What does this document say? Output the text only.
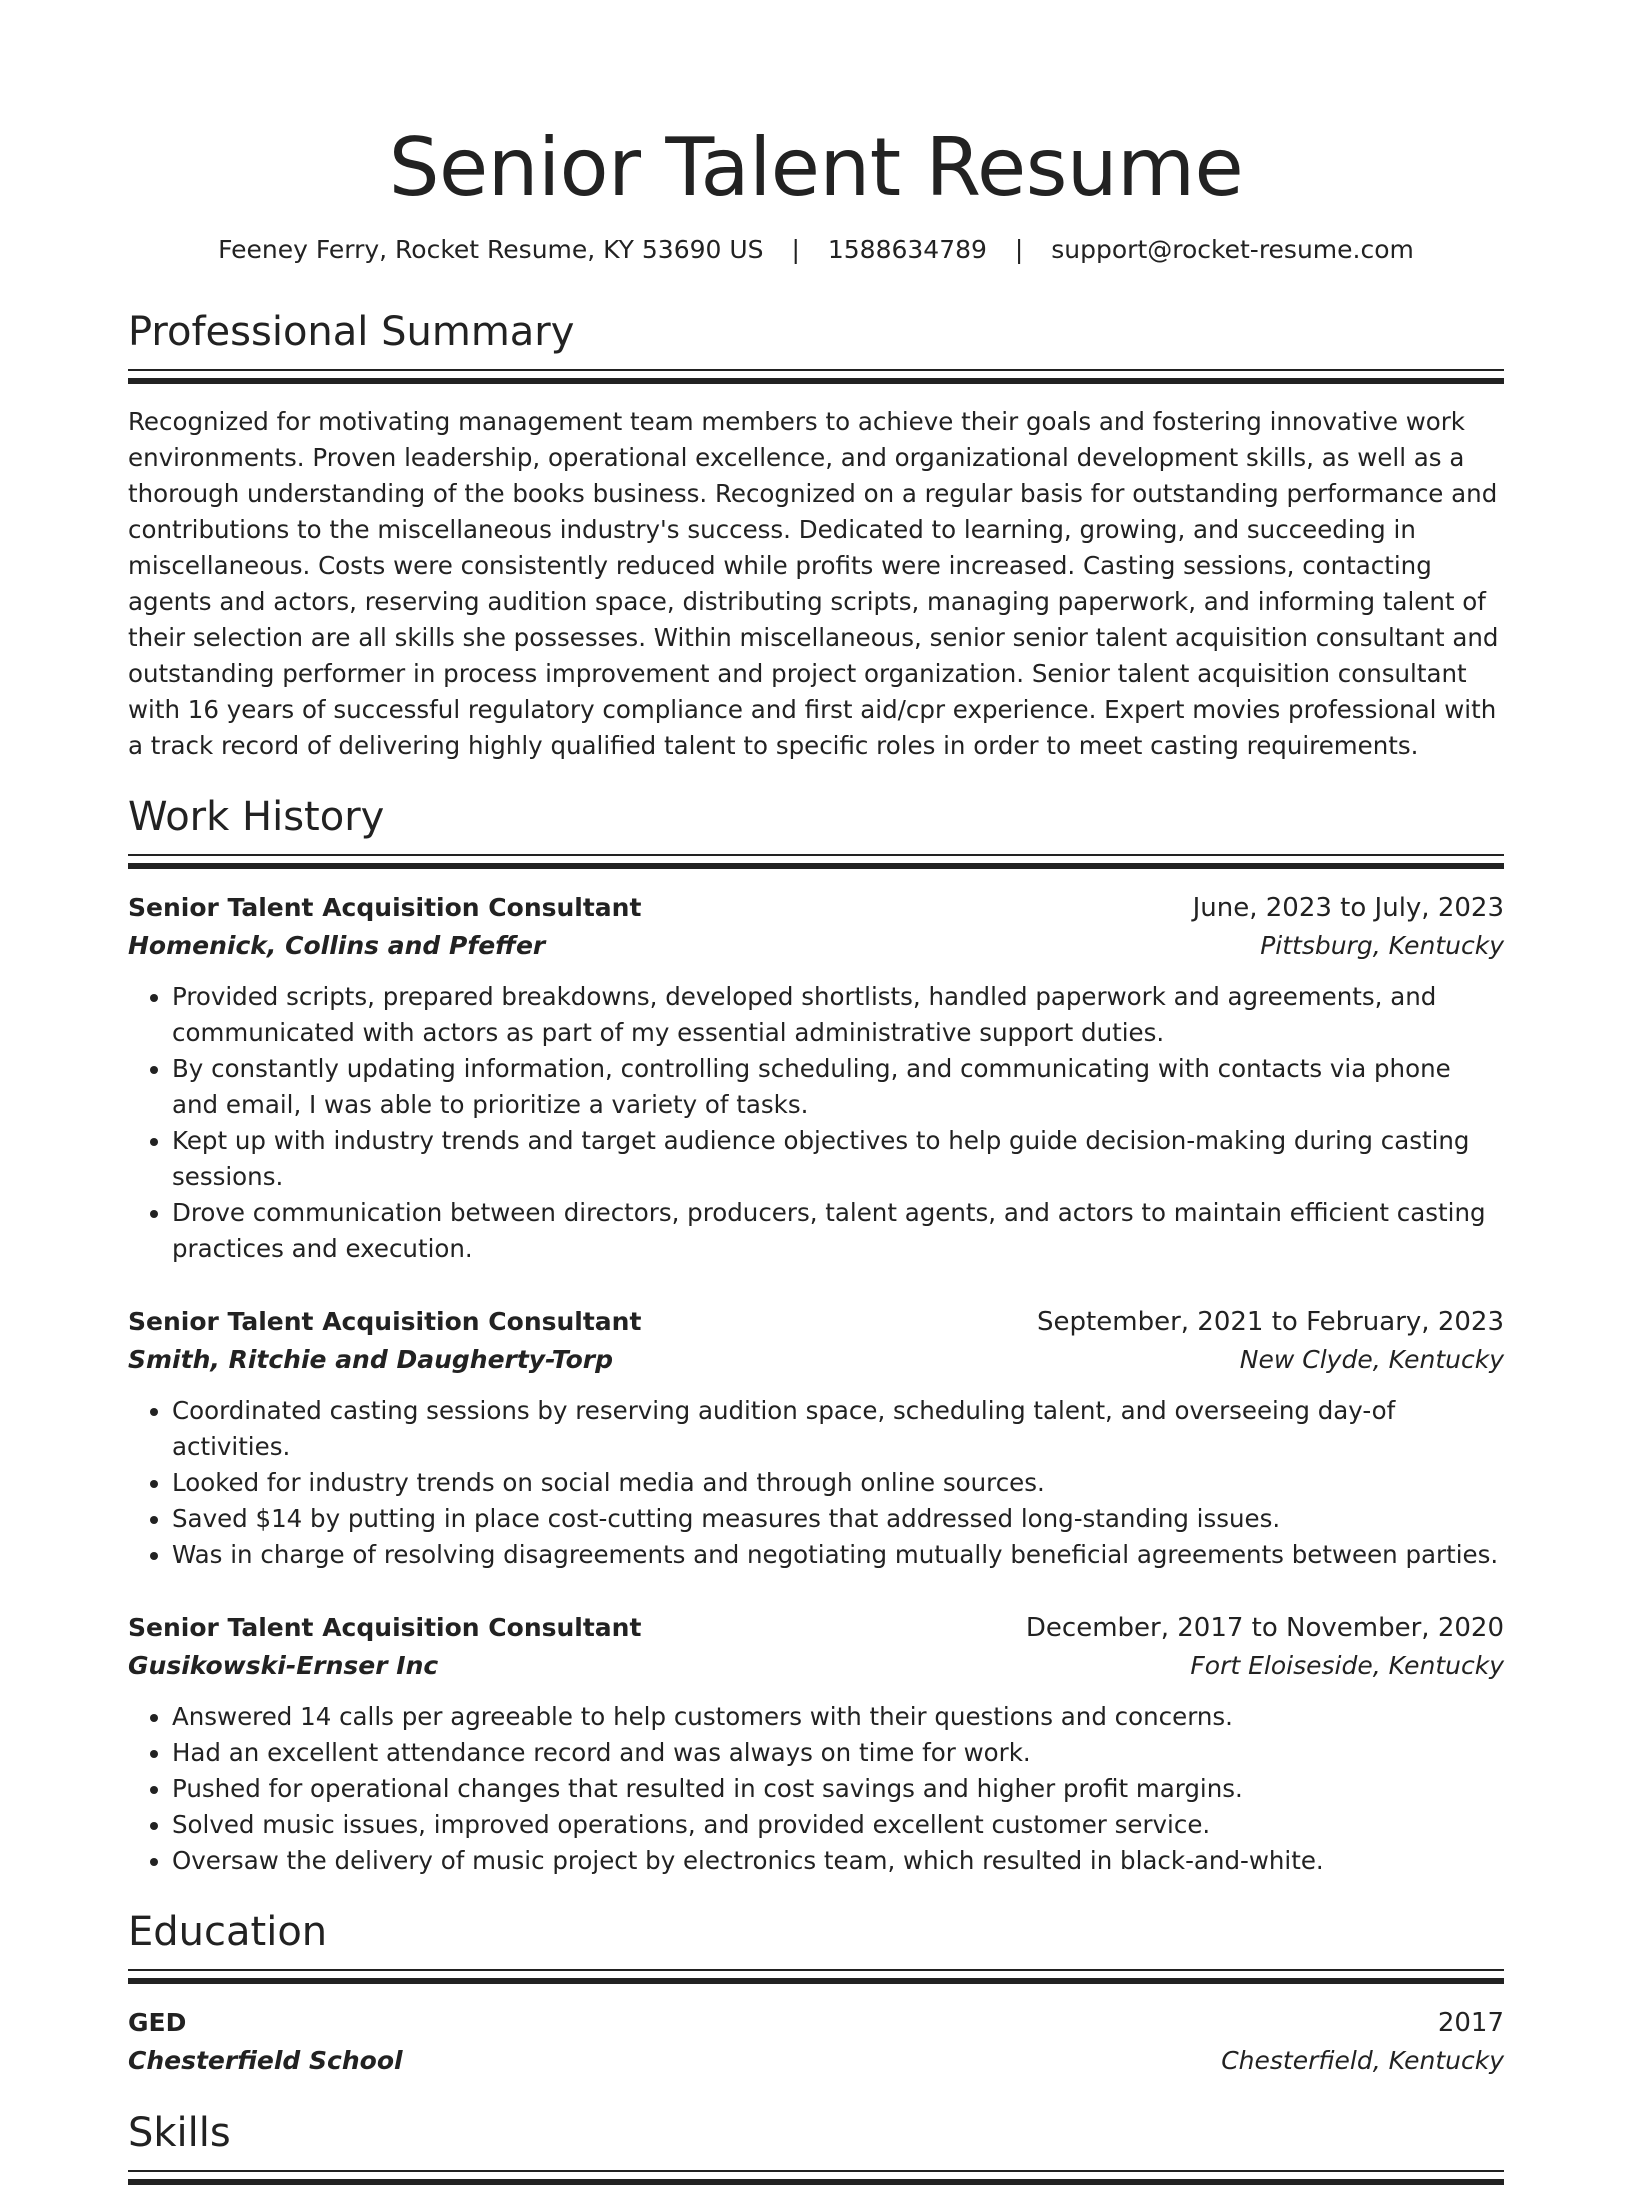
Senior Talent Resume
Feeney Ferry, Rocket Resume, KY 53690 US | 1588634789 | support@rocket-resume.com
Professional Summary

Recognized for motivating management team members to achieve their goals and fostering innovative work environments. Proven leadership, operational excellence, and organizational development skills, as well as a thorough understanding of the books business. Recognized on a regular basis for outstanding performance and contributions to the miscellaneous industry's success. Dedicated to learning, growing, and succeeding in miscellaneous. Costs were consistently reduced while profits were increased. Casting sessions, contacting agents and actors, reserving audition space, distributing scripts, managing paperwork, and informing talent of their selection are all skills she possesses. Within miscellaneous, senior senior talent acquisition consultant and outstanding performer in process improvement and project organization. Senior talent acquisition consultant with 16 years of successful regulatory compliance and first aid/cpr experience. Expert movies professional with a track record of delivering highly qualified talent to specific roles in order to meet casting requirements.

Work History
Senior Talent Acquisition Consultant	June, 2023 to July, 2023
Homenick, Collins and Pfeffer	Pittsburg, Kentucky
• Provided scripts, prepared breakdowns, developed shortlists, handled paperwork and agreements, and communicated with actors as part of my essential administrative support duties.
• By constantly updating information, controlling scheduling, and communicating with contacts via phone and email, I was able to prioritize a variety of tasks.
• Kept up with industry trends and target audience objectives to help guide decision-making during casting sessions.
• Drove communication between directors, producers, talent agents, and actors to maintain efficient casting practices and execution.
Senior Talent Acquisition Consultant	September, 2021 to February, 2023
Smith, Ritchie and Daugherty-Torp	New Clyde, Kentucky
• Coordinated casting sessions by reserving audition space, scheduling talent, and overseeing day-of activities.
• Looked for industry trends on social media and through online sources.
• Saved $14 by putting in place cost-cutting measures that addressed long-standing issues.
• Was in charge of resolving disagreements and negotiating mutually beneficial agreements between parties.
Senior Talent Acquisition Consultant	December, 2017 to November, 2020
Gusikowski-Ernser Inc	Fort Eloiseside, Kentucky
• Answered 14 calls per agreeable to help customers with their questions and concerns.
• Had an excellent attendance record and was always on time for work.
• Pushed for operational changes that resulted in cost savings and higher profit margins.
• Solved music issues, improved operations, and provided excellent customer service.
• Oversaw the delivery of music project by electronics team, which resulted in black-and-white.
Education
GED	2017
Chesterfield School	Chesterfield, Kentucky
Skills
